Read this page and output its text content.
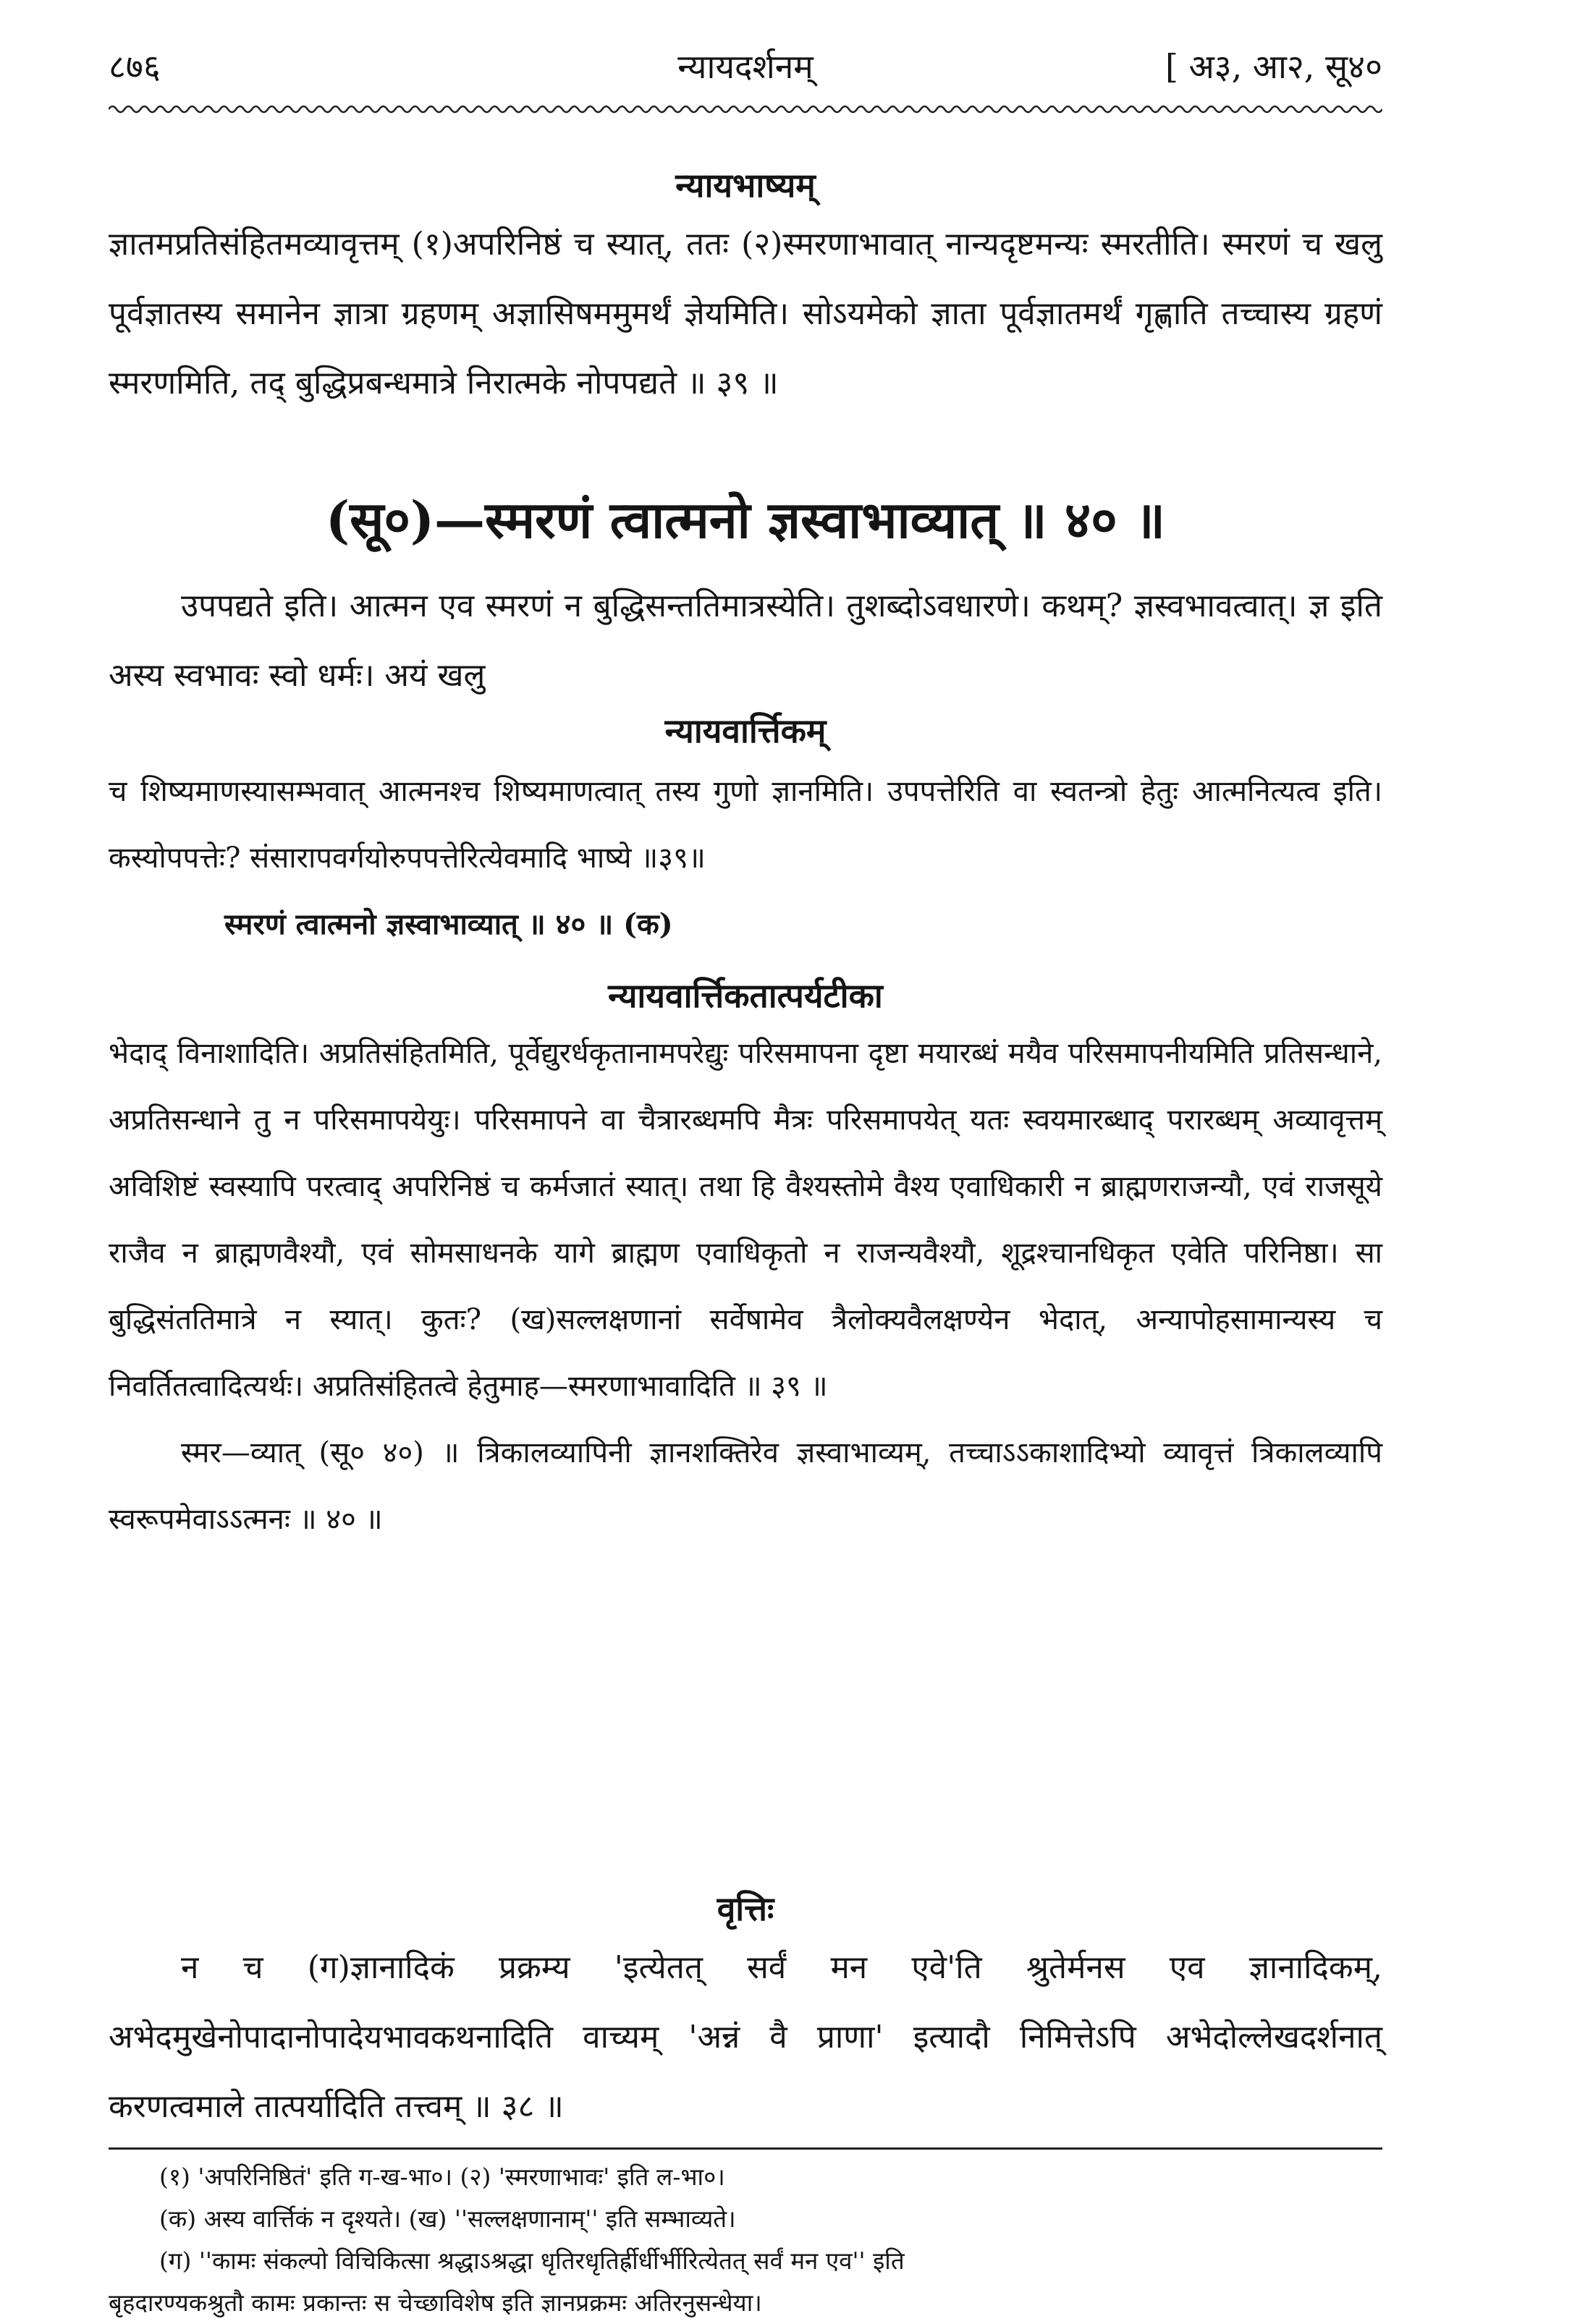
८७६	न्यायदर्शनम्	[ अ३, आ२, सू४०
न्यायभाष्यम्

ज्ञातमप्रतिसंहितमव्यावृत्तम् (१)अपरिनिष्ठं च स्यात्, ततः (२)स्मरणाभावात् नान्यदृष्टमन्यः स्मरतीति। स्मरणं च खलु पूर्वज्ञातस्य समानेन ज्ञात्रा ग्रहणम् अज्ञासिषममुमर्थं ज्ञेयमिति। सोऽयमेको ज्ञाता पूर्वज्ञातमर्थं गृह्णाति तच्चास्य ग्रहणं स्मरणमिति, तद् बुद्धिप्रबन्धमात्रे निरात्मके नोपपद्यते ॥ ३९ ॥

(सू०)—स्मरणं त्वात्मनो ज्ञस्वाभाव्यात् ॥ ४० ॥

उपपद्यते इति। आत्मन एव स्मरणं न बुद्धिसन्ततिमात्रस्येति। तुशब्दोऽवधारणे। कथम्? ज्ञस्वभावत्वात्। ज्ञ इति अस्य स्वभावः स्वो धर्मः। अयं खलु

न्यायवार्त्तिकम्

च शिष्यमाणस्यासम्भवात् आत्मनश्च शिष्यमाणत्वात् तस्य गुणो ज्ञानमिति। उपपत्तेरिति वा स्वतन्त्रो हेतुः आत्मनित्यत्व इति। कस्योपपत्तेः? संसारापवर्गयोरुपपत्तेरित्येवमादि भाष्ये ॥३९॥

स्मरणं त्वात्मनो ज्ञस्वाभाव्यात् ॥ ४० ॥ (क)

न्यायवार्त्तिकतात्पर्यटीका

भेदाद् विनाशादिति। अप्रतिसंहितमिति, पूर्वेद्युरर्धकृतानामपरेद्युः परिसमापना दृष्टा मयारब्धं मयैव परिसमापनीयमिति प्रतिसन्धाने, अप्रतिसन्धाने तु न परिसमापयेयुः। परिसमापने वा चैत्रारब्धमपि मैत्रः परिसमापयेत् यतः स्वयमारब्धाद् परारब्धम् अव्यावृत्तम् अविशिष्टं स्वस्यापि परत्वाद् अपरिनिष्ठं च कर्मजातं स्यात्। तथा हि वैश्यस्तोमे वैश्य एवाधिकारी न ब्राह्मणराजन्यौ, एवं राजसूये राजैव न ब्राह्मणवैश्यौ, एवं सोमसाधनके यागे ब्राह्मण एवाधिकृतो न राजन्यवैश्यौ, शूद्रश्चानधिकृत एवेति परिनिष्ठा। सा बुद्धिसंततिमात्रे न स्यात्। कुतः? (ख)सल्लक्षणानां सर्वेषामेव त्रैलोक्यवैलक्षण्येन भेदात्, अन्यापोहसामान्यस्य च निवर्तितत्वादित्यर्थः। अप्रतिसंहितत्वे हेतुमाह—स्मरणाभावादिति ॥ ३९ ॥

स्मर—व्यात् (सू० ४०) ॥ त्रिकालव्यापिनी ज्ञानशक्तिरेव ज्ञस्वाभाव्यम्, तच्चाऽऽकाशादिभ्यो व्यावृत्तं त्रिकालव्यापि स्वरूपमेवाऽऽत्मनः ॥ ४० ॥

वृत्तिः

न च (ग)ज्ञानादिकं प्रक्रम्य 'इत्येतत् सर्वं मन एवे'ति श्रुतेर्मनस एव ज्ञानादिकम्, अभेदमुखेनोपादानोपादेयभावकथनादिति वाच्यम् 'अन्नं वै प्राणा' इत्यादौ निमित्तेऽपि अभेदोल्लेखदर्शनात् करणत्वमाले तात्पर्यादिति तत्त्वम् ॥ ३८ ॥

(१) 'अपरिनिष्ठितं' इति ग-ख-भा०। (२) 'स्मरणाभावः' इति ल-भा०।

(क) अस्य वार्त्तिकं न दृश्यते। (ख) ''सल्लक्षणानाम्'' इति सम्भाव्यते।

(ग) ''कामः संकल्पो विचिकित्सा श्रद्धाऽश्रद्धा धृतिरधृतिर्ह्रीर्धीर्भीरित्येतत् सर्वं मन एव'' इति

बृहदारण्यकश्रुतौ कामः प्रकान्तः स चेच्छाविशेष इति ज्ञानप्रक्रमः अतिरनुसन्धेया।
